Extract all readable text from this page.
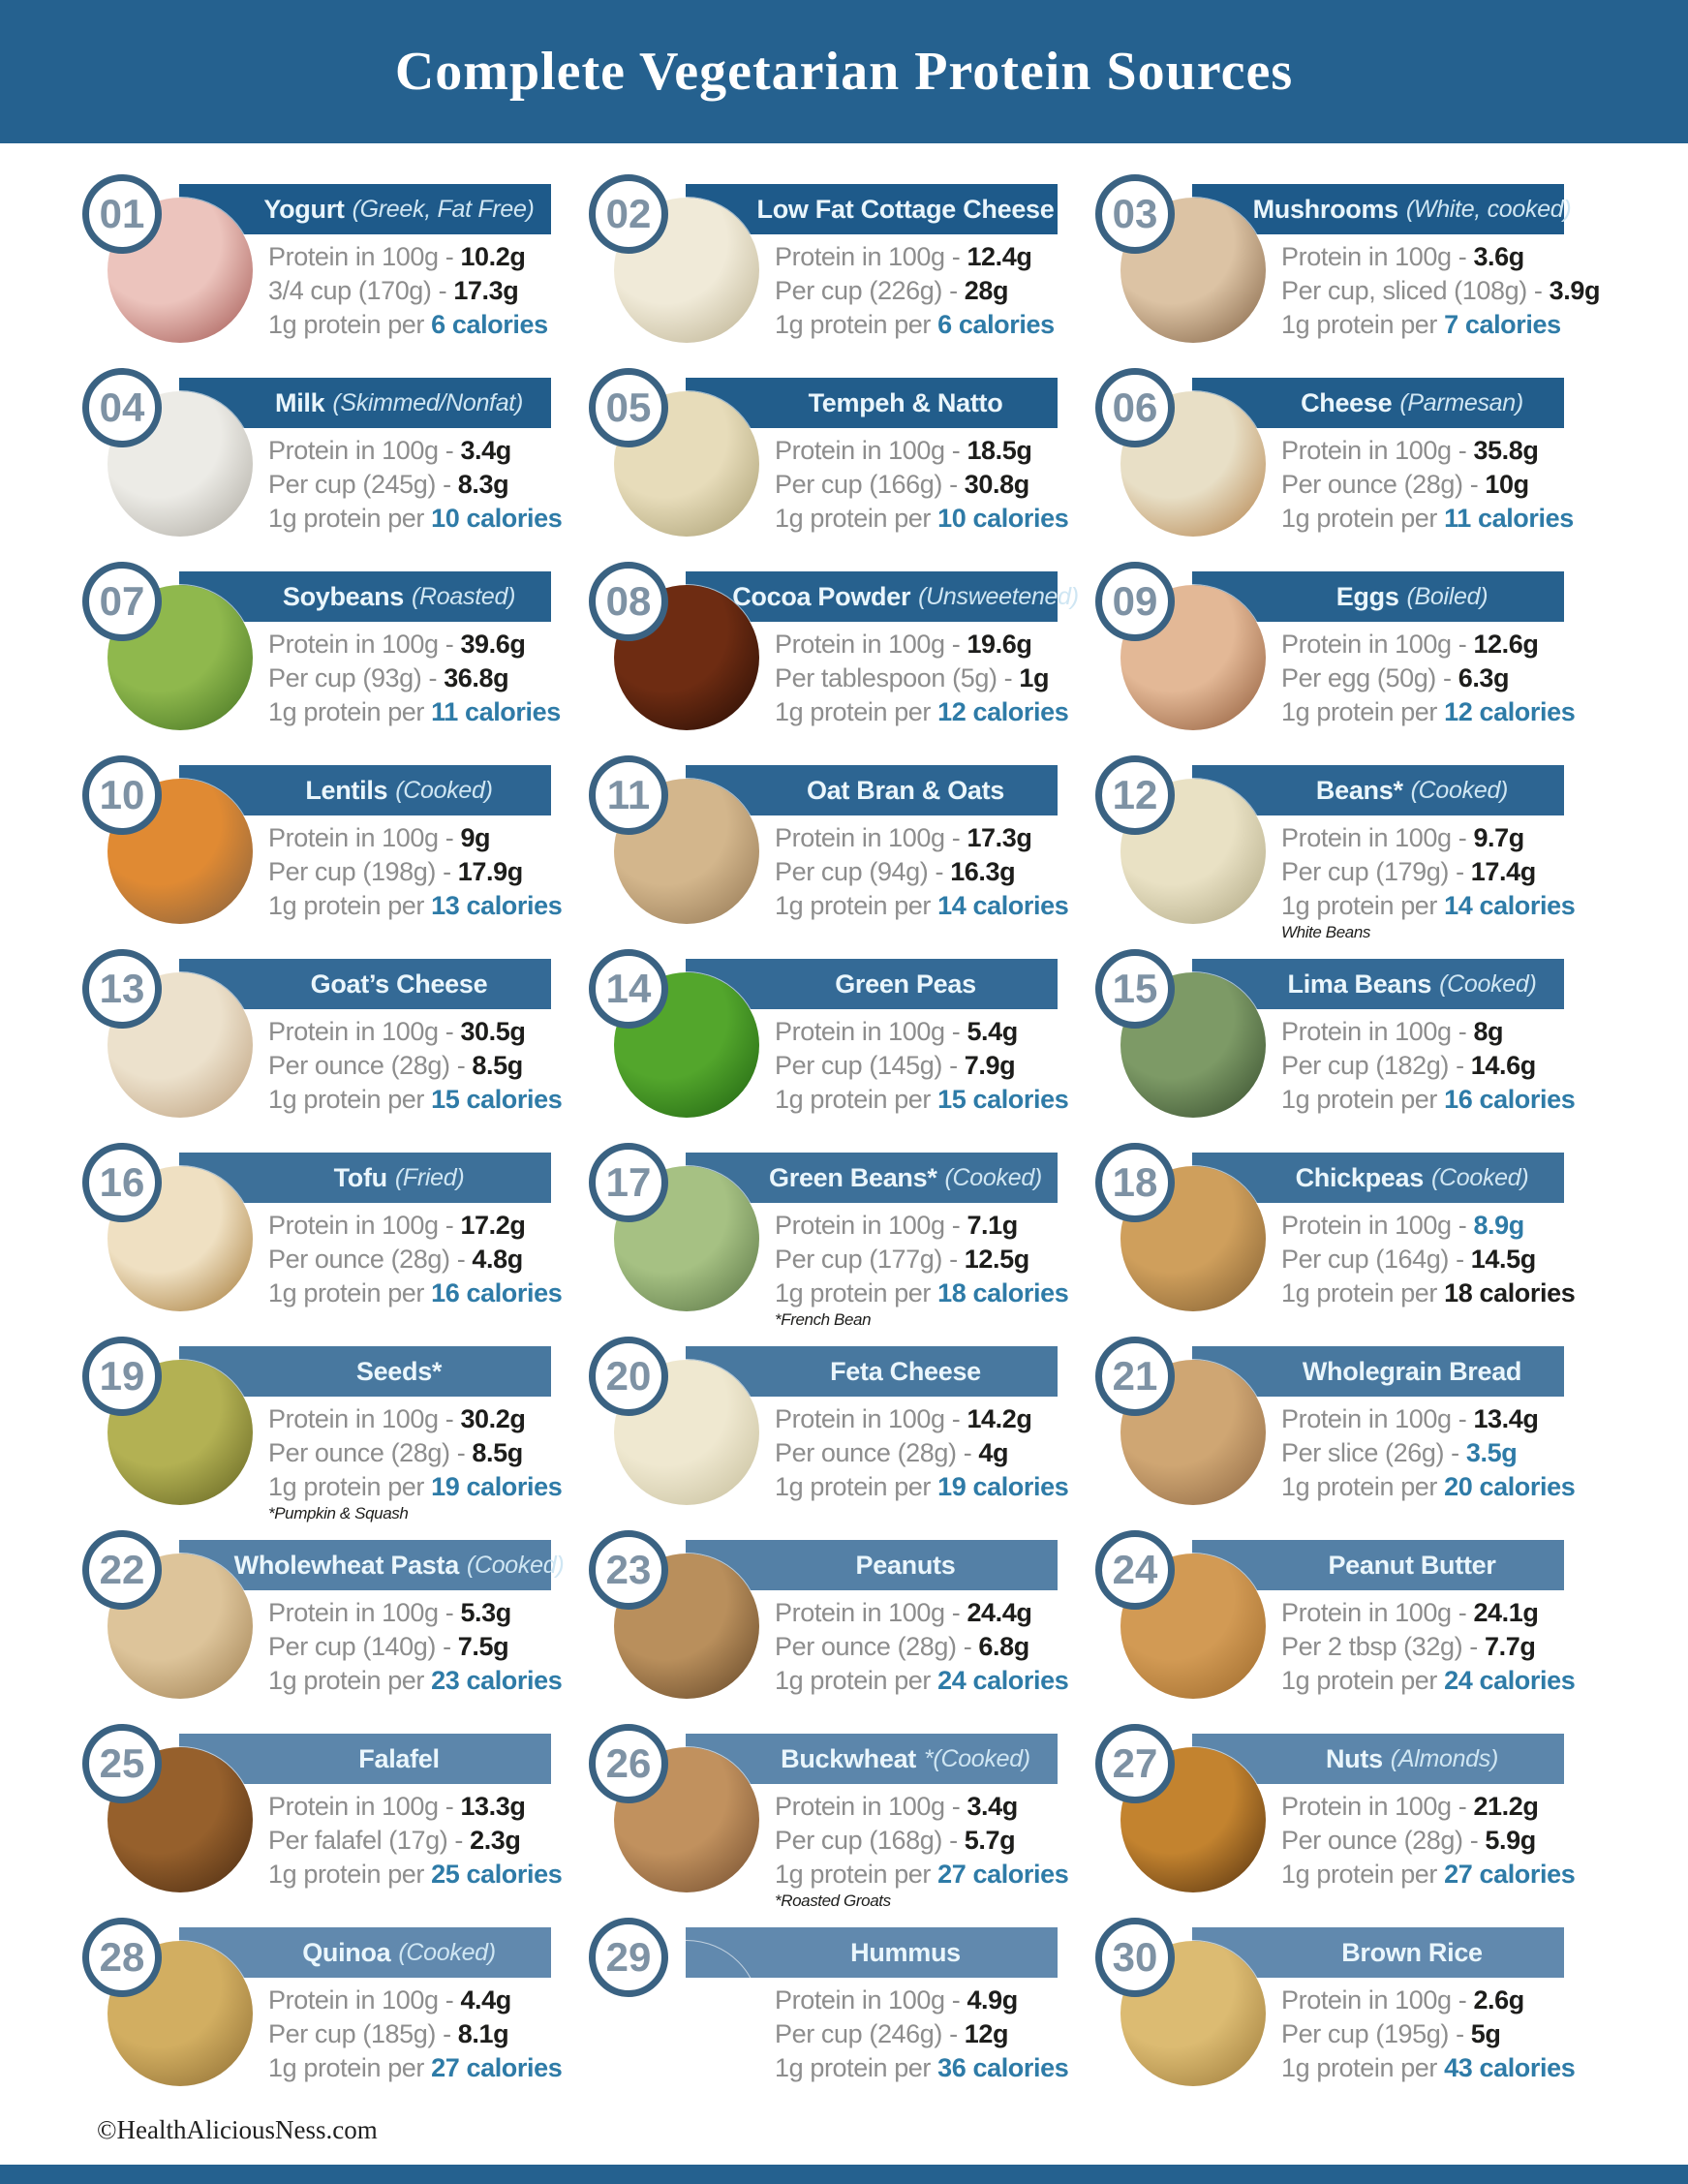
Complete Vegetarian Protein Sources
01	Yogurt (Greek, Fat Free)
Protein in 100g - 10.2g
3/4 cup (170g) - 17.3g
1g protein per 6 calories
02	Low Fat Cottage Cheese
Protein in 100g - 12.4g
Per cup (226g) - 28g
1g protein per 6 calories
03	Mushrooms (White, cooked)
Protein in 100g - 3.6g
Per cup, sliced (108g) - 3.9g
1g protein per 7 calories
04	Milk (Skimmed/Nonfat)
Protein in 100g - 3.4g
Per cup (245g) - 8.3g
1g protein per 10 calories
05	Tempeh & Natto
Protein in 100g - 18.5g
Per cup (166g) - 30.8g
1g protein per 10 calories
06	Cheese (Parmesan)
Protein in 100g - 35.8g
Per ounce (28g) - 10g
1g protein per 11 calories
07	Soybeans (Roasted)
Protein in 100g - 39.6g
Per cup (93g) - 36.8g
1g protein per 11 calories
08	Cocoa Powder (Unsweetened)
Protein in 100g - 19.6g
Per tablespoon (5g) - 1g
1g protein per 12 calories
09	Eggs (Boiled)
Protein in 100g - 12.6g
Per egg (50g) - 6.3g
1g protein per 12 calories
10	Lentils (Cooked)
Protein in 100g - 9g
Per cup (198g) - 17.9g
1g protein per 13 calories
11	Oat Bran & Oats
Protein in 100g - 17.3g
Per cup (94g) - 16.3g
1g protein per 14 calories
12	Beans* (Cooked)
Protein in 100g - 9.7g
Per cup (179g) - 17.4g
1g protein per 14 calories
White Beans
13	Goat’s Cheese
Protein in 100g - 30.5g
Per ounce (28g) - 8.5g
1g protein per 15 calories
14	Green Peas
Protein in 100g - 5.4g
Per cup (145g) - 7.9g
1g protein per 15 calories
15	Lima Beans (Cooked)
Protein in 100g - 8g
Per cup (182g) - 14.6g
1g protein per 16 calories
16	Tofu (Fried)
Protein in 100g - 17.2g
Per ounce (28g) - 4.8g
1g protein per 16 calories
17	Green Beans* (Cooked)
Protein in 100g - 7.1g
Per cup (177g) - 12.5g
1g protein per 18 calories
*French Bean
18	Chickpeas (Cooked)
Protein in 100g - 8.9g
Per cup (164g) - 14.5g
1g protein per 18 calories
19	Seeds*
Protein in 100g - 30.2g
Per ounce (28g) - 8.5g
1g protein per 19 calories
*Pumpkin & Squash
20	Feta Cheese
Protein in 100g - 14.2g
Per ounce (28g) - 4g
1g protein per 19 calories
21	Wholegrain Bread
Protein in 100g - 13.4g
Per slice (26g) - 3.5g
1g protein per 20 calories
22	Wholewheat Pasta (Cooked)
Protein in 100g - 5.3g
Per cup (140g) - 7.5g
1g protein per 23 calories
23	Peanuts
Protein in 100g - 24.4g
Per ounce (28g) - 6.8g
1g protein per 24 calories
24	Peanut Butter
Protein in 100g - 24.1g
Per 2 tbsp (32g) - 7.7g
1g protein per 24 calories
25	Falafel
Protein in 100g - 13.3g
Per falafel (17g) - 2.3g
1g protein per 25 calories
26	Buckwheat *(Cooked)
Protein in 100g - 3.4g
Per cup (168g) - 5.7g
1g protein per 27 calories
*Roasted Groats
27	Nuts (Almonds)
Protein in 100g - 21.2g
Per ounce (28g) - 5.9g
1g protein per 27 calories
28	Quinoa (Cooked)
Protein in 100g - 4.4g
Per cup (185g) - 8.1g
1g protein per 27 calories
29	Hummus
Protein in 100g - 4.9g
Per cup (246g) - 12g
1g protein per 36 calories
30	Brown Rice
Protein in 100g - 2.6g
Per cup (195g) - 5g
1g protein per 43 calories
©HealthAliciousNess.com
